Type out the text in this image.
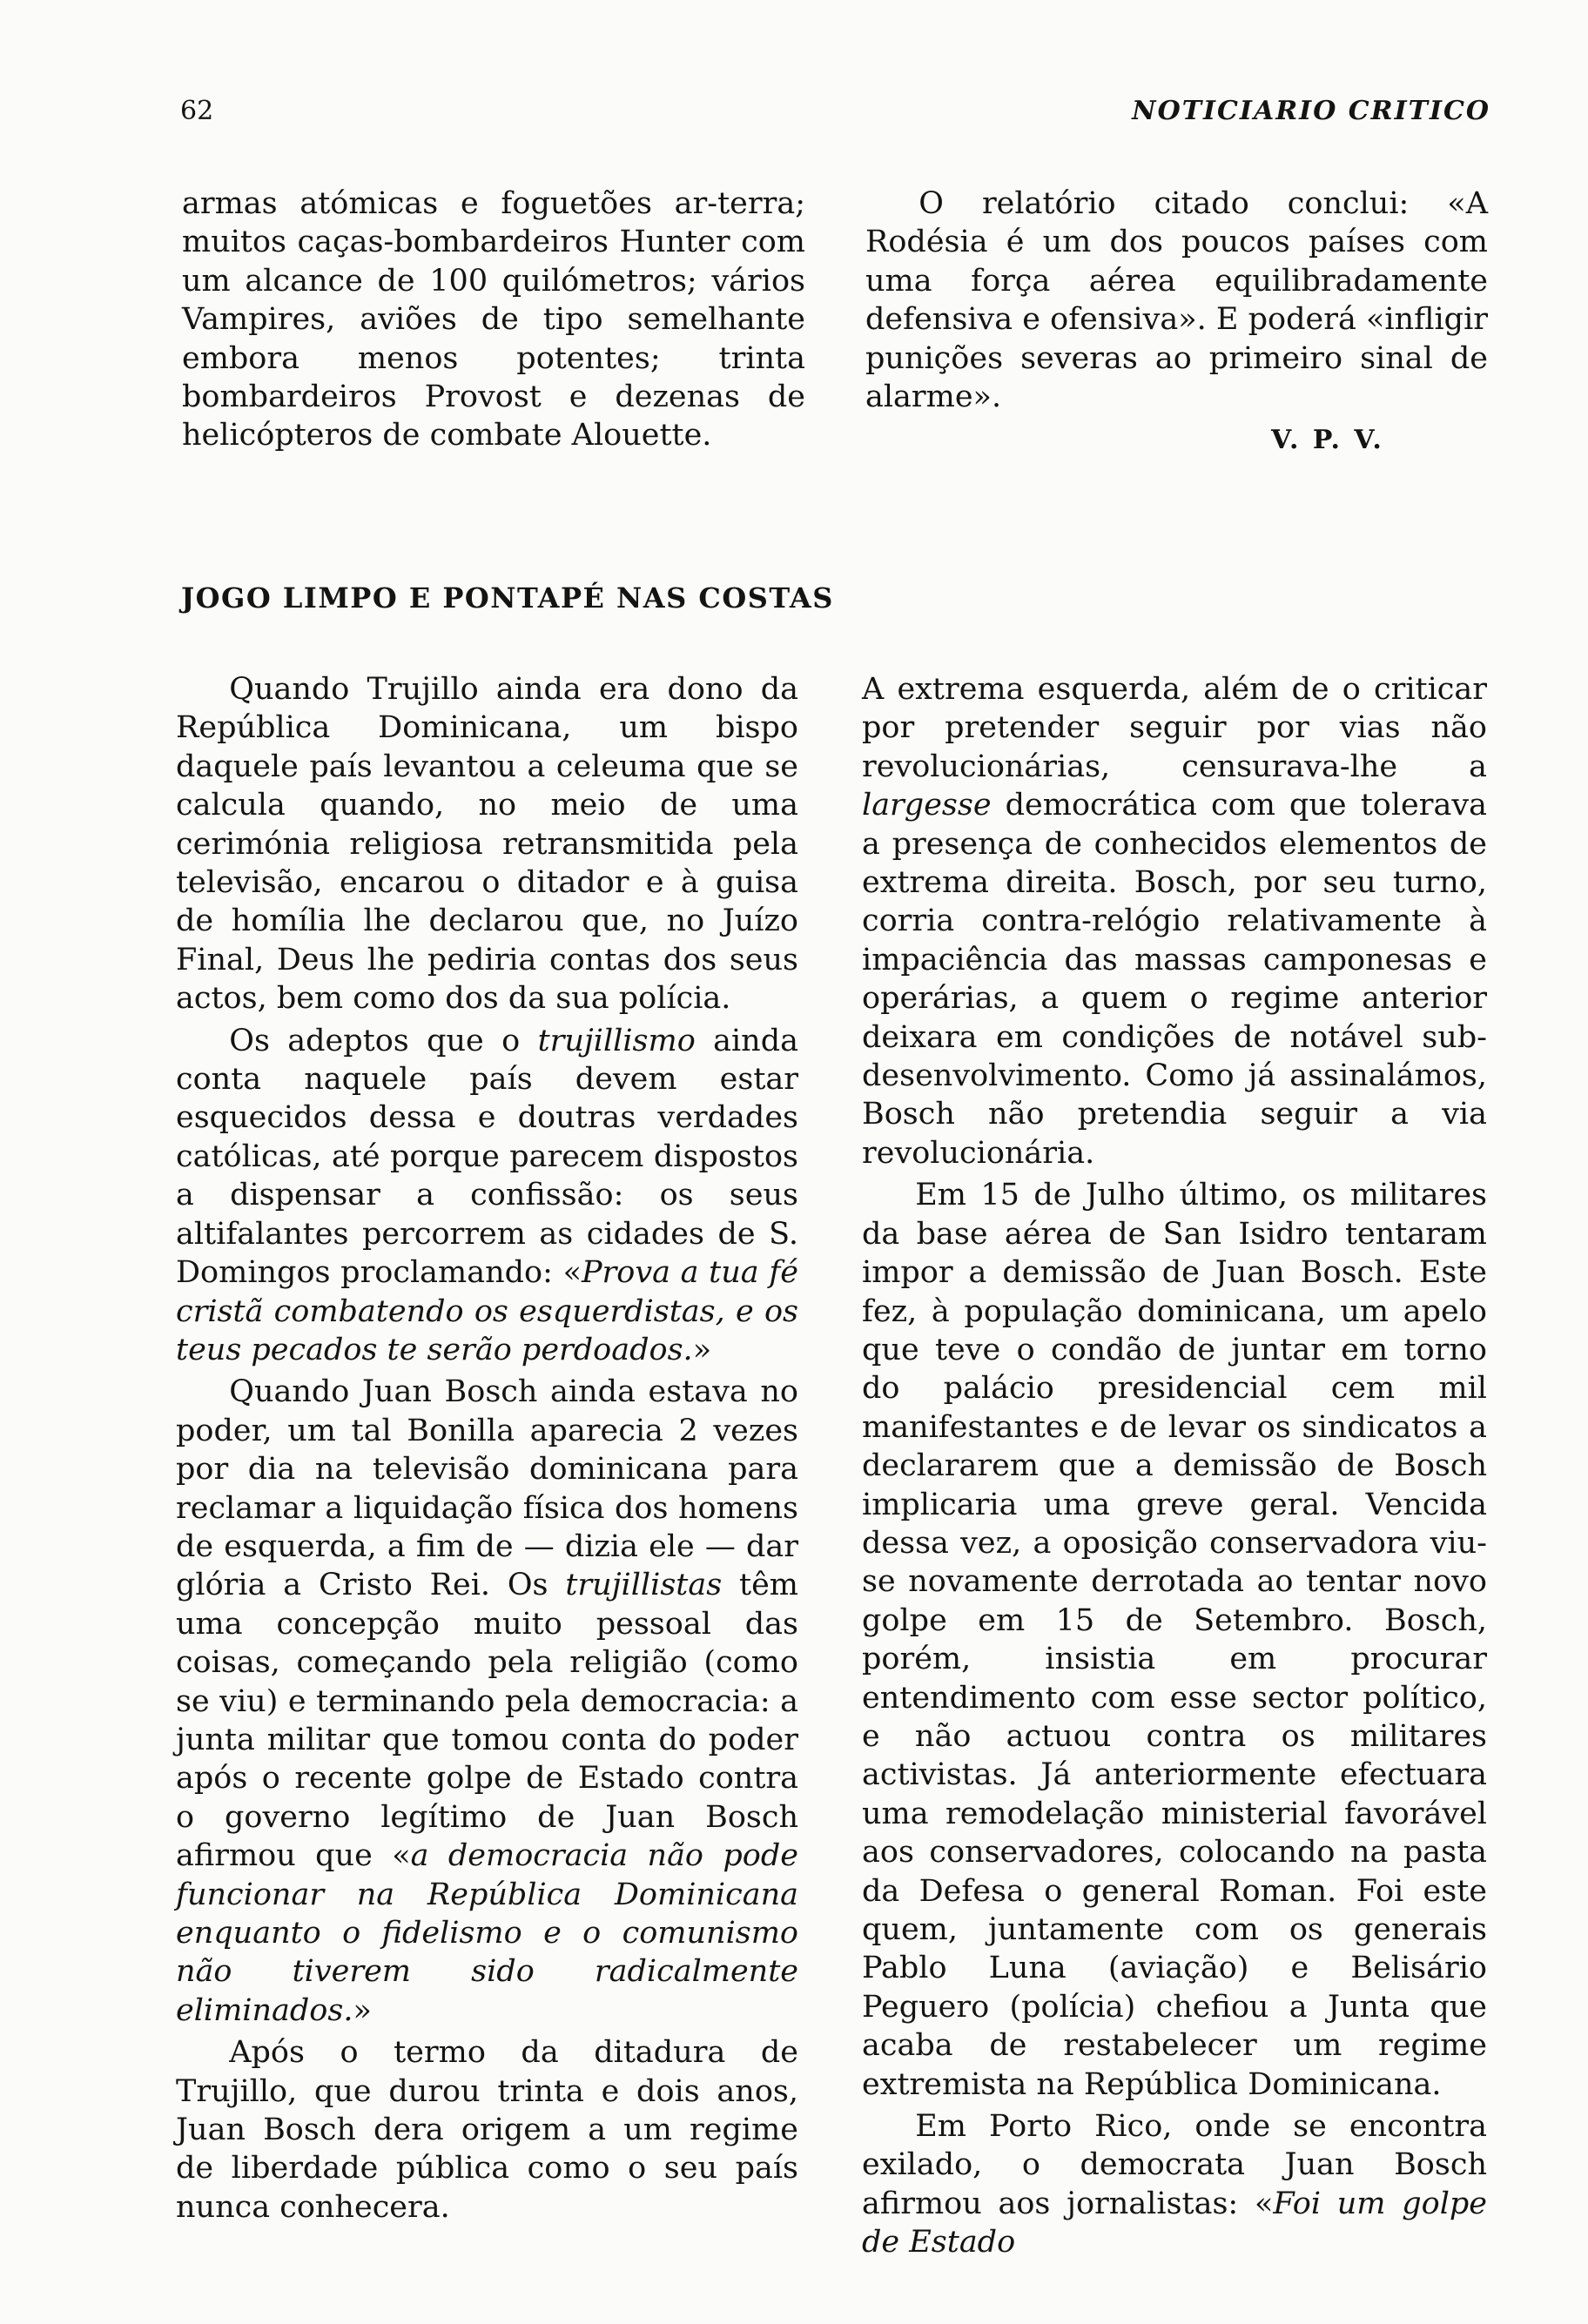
62	NOTICIARIO CRITICO

armas atómicas e foguetões ar-terra; muitos caças-bombardeiros Hunter com um alcance de 100 quilómetros; vários Vampires, aviões de tipo semelhante embora menos potentes; trinta bombardeiros Provost e dezenas de helicópteros de combate Alouette.

O relatório citado conclui: «A Rodésia é um dos poucos países com uma força aérea equilibradamente defensiva e ofensiva». E poderá «infligir punições severas ao primeiro sinal de alarme».

V. P. V.
JOGO LIMPO E PONTAPÉ NAS COSTAS

Quando Trujillo ainda era dono da República Dominicana, um bispo daquele país levantou a celeuma que se calcula quando, no meio de uma cerimónia religiosa retransmitida pela televisão, encarou o ditador e à guisa de homília lhe declarou que, no Juízo Final, Deus lhe pediria contas dos seus actos, bem como dos da sua polícia.

Os adeptos que o trujillismo ainda conta naquele país devem estar esquecidos dessa e doutras verdades católicas, até porque parecem dispostos a dispensar a confissão: os seus altifalantes percorrem as cidades de S. Domingos proclamando: «Prova a tua fé cristã combatendo os esquerdistas, e os teus pecados te serão perdoados.»

Quando Juan Bosch ainda estava no poder, um tal Bonilla aparecia 2 vezes por dia na televisão dominicana para reclamar a liquidação física dos homens de esquerda, a fim de — dizia ele — dar glória a Cristo Rei. Os trujillistas têm uma concepção muito pessoal das coisas, começando pela religião (como se viu) e terminando pela democracia: a junta militar que tomou conta do poder após o recente golpe de Estado contra o governo legítimo de Juan Bosch afirmou que «a democracia não pode funcionar na República Dominicana enquanto o fidelismo e o comunismo não tiverem sido radicalmente eliminados.»

Após o termo da ditadura de Trujillo, que durou trinta e dois anos, Juan Bosch dera origem a um regime de liberdade pública como o seu país nunca conhecera.

A extrema esquerda, além de o criticar por pretender seguir por vias não revolucionárias, censurava-lhe a largesse democrática com que tolerava a presença de conhecidos elementos de extrema direita. Bosch, por seu turno, corria contra-relógio relativamente à impaciência das massas camponesas e operárias, a quem o regime anterior deixara em condições de notável sub-desenvolvimento. Como já assinalámos, Bosch não pretendia seguir a via revolucionária.

Em 15 de Julho último, os militares da base aérea de San Isidro tentaram impor a demissão de Juan Bosch. Este fez, à população dominicana, um apelo que teve o condão de juntar em torno do palácio presidencial cem mil manifestantes e de levar os sindicatos a declararem que a demissão de Bosch implicaria uma greve geral. Vencida dessa vez, a oposição conservadora viu-se novamente derrotada ao tentar novo golpe em 15 de Setembro. Bosch, porém, insistia em procurar entendimento com esse sector político, e não actuou contra os militares activistas. Já anteriormente efectuara uma remodelação ministerial favorável aos conservadores, colocando na pasta da Defesa o general Roman. Foi este quem, juntamente com os generais Pablo Luna (aviação) e Belisário Peguero (polícia) chefiou a Junta que acaba de restabelecer um regime extremista na República Dominicana.

Em Porto Rico, onde se encontra exilado, o democrata Juan Bosch afirmou aos jornalistas: «Foi um golpe de Estado
